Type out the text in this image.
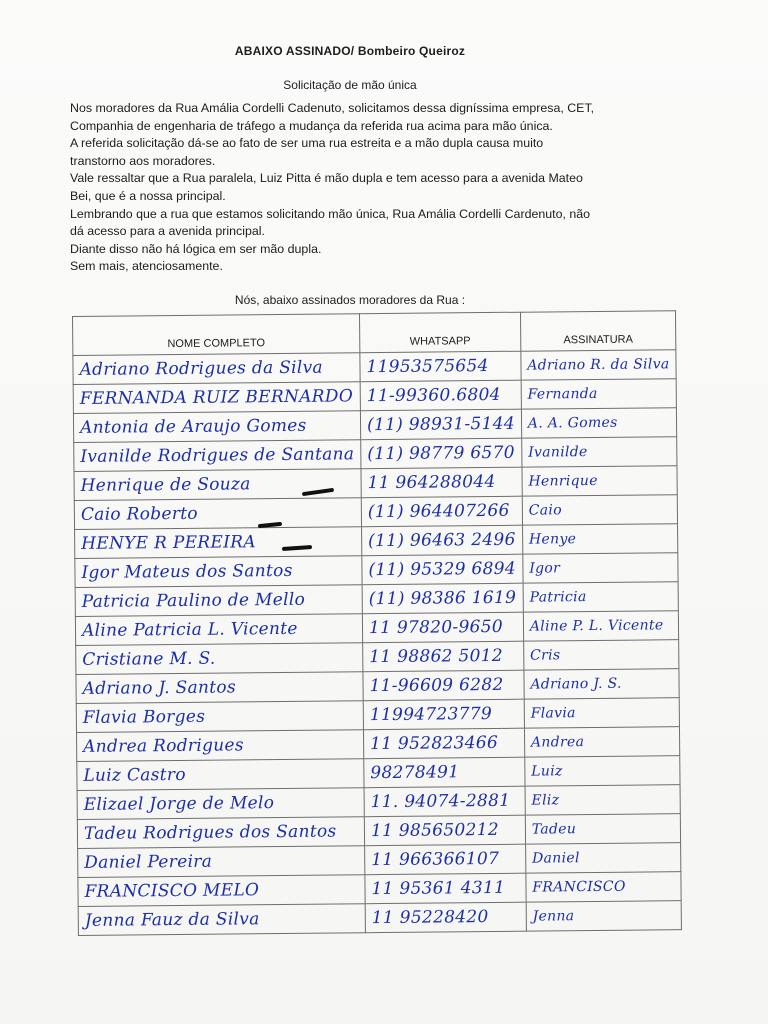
ABAIXO ASSINADO/ Bombeiro Queiroz
Solicitação de mão única
Nos moradores da Rua Amália Cordelli Cadenuto, solicitamos dessa digníssima empresa, CET,
Companhia de engenharia de tráfego a mudança da referida rua acima para mão única.
A referida solicitação dá-se ao fato de ser uma rua estreita e a mão dupla causa muito
transtorno aos moradores.
Vale ressaltar que a Rua paralela, Luiz Pitta é mão dupla e tem acesso para a avenida Mateo
Bei, que é a nossa principal.
Lembrando que a rua que estamos solicitando mão única, Rua Amália Cordelli Cardenuto, não
dá acesso para a avenida principal.
Diante disso não há lógica em ser mão dupla.
Sem mais, atenciosamente.
Nós, abaixo assinados moradores da Rua :
NOME COMPLETO	WHATSAPP	ASSINATURA
Adriano Rodrigues da Silva	11953575654	Adriano R. da Silva
FERNANDA RUIZ BERNARDO	11-99360.6804	Fernanda
Antonia de Araujo Gomes	(11) 98931-5144	A. A. Gomes
Ivanilde Rodrigues de Santana	(11) 98779 6570	Ivanilde
Henrique de Souza	11 964288044	Henrique
Caio Roberto	(11) 964407266	Caio
HENYE R PEREIRA	(11) 96463 2496	Henye
Igor Mateus dos Santos	(11) 95329 6894	Igor
Patricia Paulino de Mello	(11) 98386 1619	Patricia
Aline Patricia L. Vicente	11 97820-9650	Aline P. L. Vicente
Cristiane M. S.	11 98862 5012	Cris
Adriano J. Santos	11-96609 6282	Adriano J. S.
Flavia Borges	11994723779	Flavia
Andrea Rodrigues	11 952823466	Andrea
Luiz Castro	98278491	Luiz
Elizael Jorge de Melo	11. 94074-2881	Eliz
Tadeu Rodrigues dos Santos	11 985650212	Tadeu
Daniel Pereira	11 966366107	Daniel
FRANCISCO MELO	11 95361 4311	FRANCISCO
Jenna Fauz da Silva	11 95228420	Jenna
